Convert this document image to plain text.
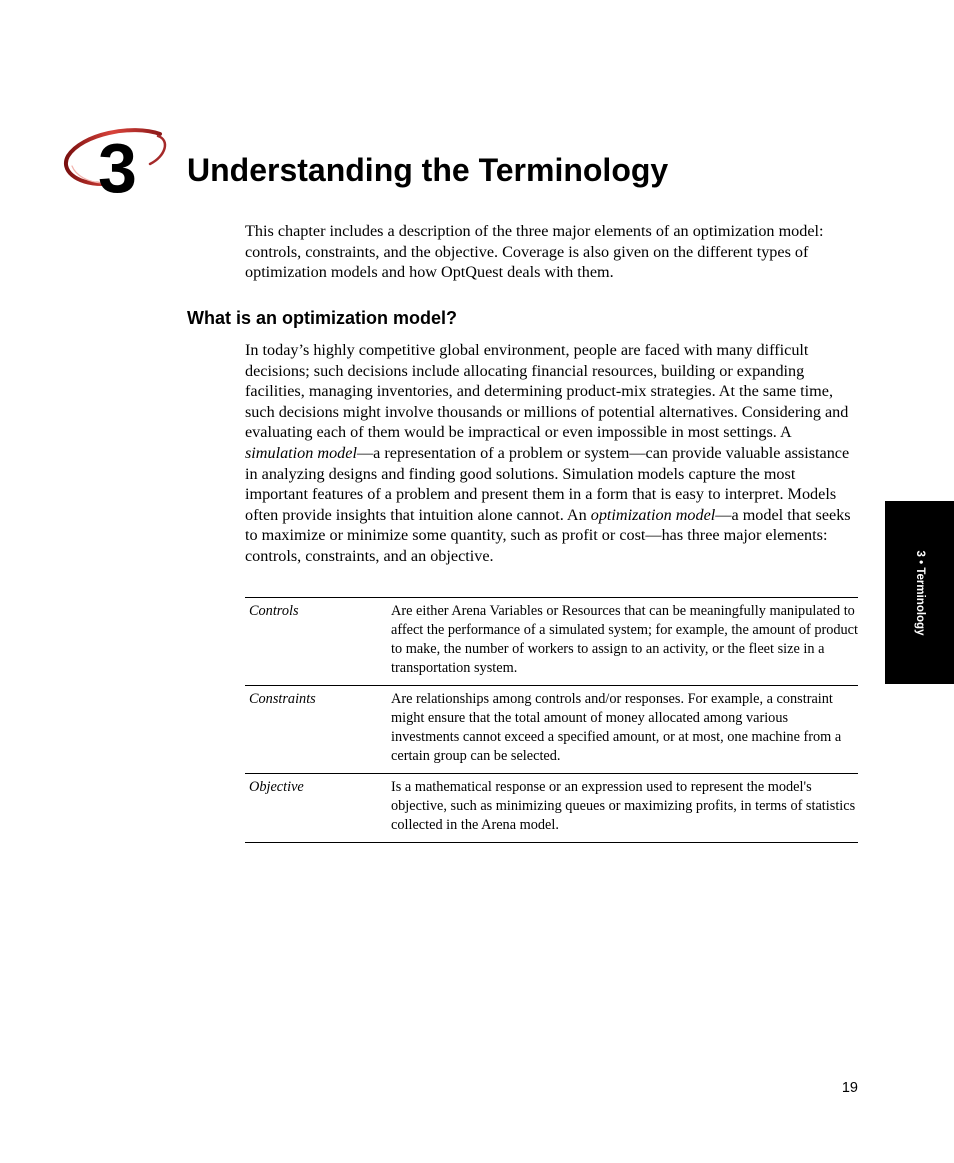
3 Understanding the Terminology

This chapter includes a description of the three major elements of an optimization model: controls, constraints, and the objective. Coverage is also given on the different types of optimization models and how OptQuest deals with them.

What is an optimization model?

In today’s highly competitive global environment, people are faced with many difficult decisions; such decisions include allocating financial resources, building or expanding facilities, managing inventories, and determining product-mix strategies. At the same time, such decisions might involve thousands or millions of potential alternatives. Considering and evaluating each of them would be impractical or even impossible in most settings. A simulation model—a representation of a problem or system—can provide valuable assistance in analyzing designs and finding good solutions. Simulation models capture the most important features of a problem and present them in a form that is easy to interpret. Models often provide insights that intuition alone cannot. An optimization model—a model that seeks to maximize or minimize some quantity, such as profit or cost—has three major elements: controls, constraints, and an objective.

Controls	Are either Arena Variables or Resources that can be meaningfully manipulated to affect the performance of a simulated system; for example, the amount of product to make, the number of workers to assign to an activity, or the fleet size in a transportation system.
Constraints	Are relationships among controls and/or responses. For example, a constraint might ensure that the total amount of money allocated among various investments cannot exceed a specified amount, or at most, one machine from a certain group can be selected.
Objective	Is a mathematical response or an expression used to represent the model's objective, such as minimizing queues or maximizing profits, in terms of statistics collected in the Arena model.
3 • Terminology
19
